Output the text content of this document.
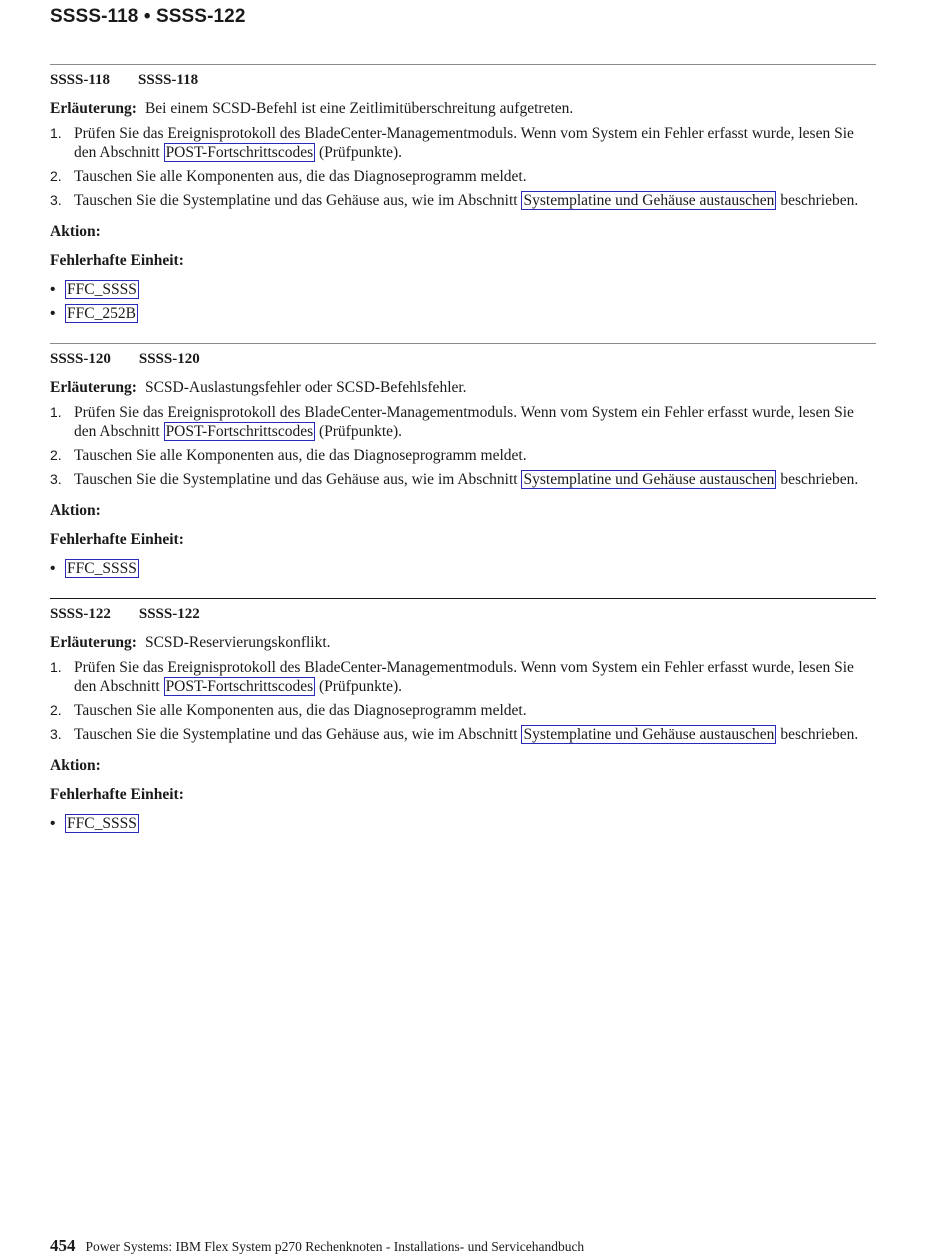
SSSS-118 • SSSS-122
SSSS-118 SSSS-118

Erläuterung: Bei einem SCSD-Befehl ist eine Zeitlimitüberschreitung aufgetreten.

1. Prüfen Sie das Ereignisprotokoll des BladeCenter-Managementmoduls. Wenn vom System ein Fehler erfasst wurde, lesen Sie den Abschnitt POST-Fortschrittscodes (Prüfpunkte).
2. Tauschen Sie alle Komponenten aus, die das Diagnoseprogramm meldet.
3. Tauschen Sie die Systemplatine und das Gehäuse aus, wie im Abschnitt Systemplatine und Gehäuse austauschen beschrieben.
Aktion:
Fehlerhafte Einheit:
• FFC_SSSS
• FFC_252B
SSSS-120 SSSS-120

Erläuterung: SCSD-Auslastungsfehler oder SCSD-Befehlsfehler.

1. Prüfen Sie das Ereignisprotokoll des BladeCenter-Managementmoduls. Wenn vom System ein Fehler erfasst wurde, lesen Sie den Abschnitt POST-Fortschrittscodes (Prüfpunkte).
2. Tauschen Sie alle Komponenten aus, die das Diagnoseprogramm meldet.
3. Tauschen Sie die Systemplatine und das Gehäuse aus, wie im Abschnitt Systemplatine und Gehäuse austauschen beschrieben.
Aktion:
Fehlerhafte Einheit:
• FFC_SSSS
SSSS-122 SSSS-122

Erläuterung: SCSD-Reservierungskonflikt.

1. Prüfen Sie das Ereignisprotokoll des BladeCenter-Managementmoduls. Wenn vom System ein Fehler erfasst wurde, lesen Sie den Abschnitt POST-Fortschrittscodes (Prüfpunkte).
2. Tauschen Sie alle Komponenten aus, die das Diagnoseprogramm meldet.
3. Tauschen Sie die Systemplatine und das Gehäuse aus, wie im Abschnitt Systemplatine und Gehäuse austauschen beschrieben.
Aktion:
Fehlerhafte Einheit:
• FFC_SSSS
454 Power Systems: IBM Flex System p270 Rechenknoten - Installations- und Servicehandbuch
